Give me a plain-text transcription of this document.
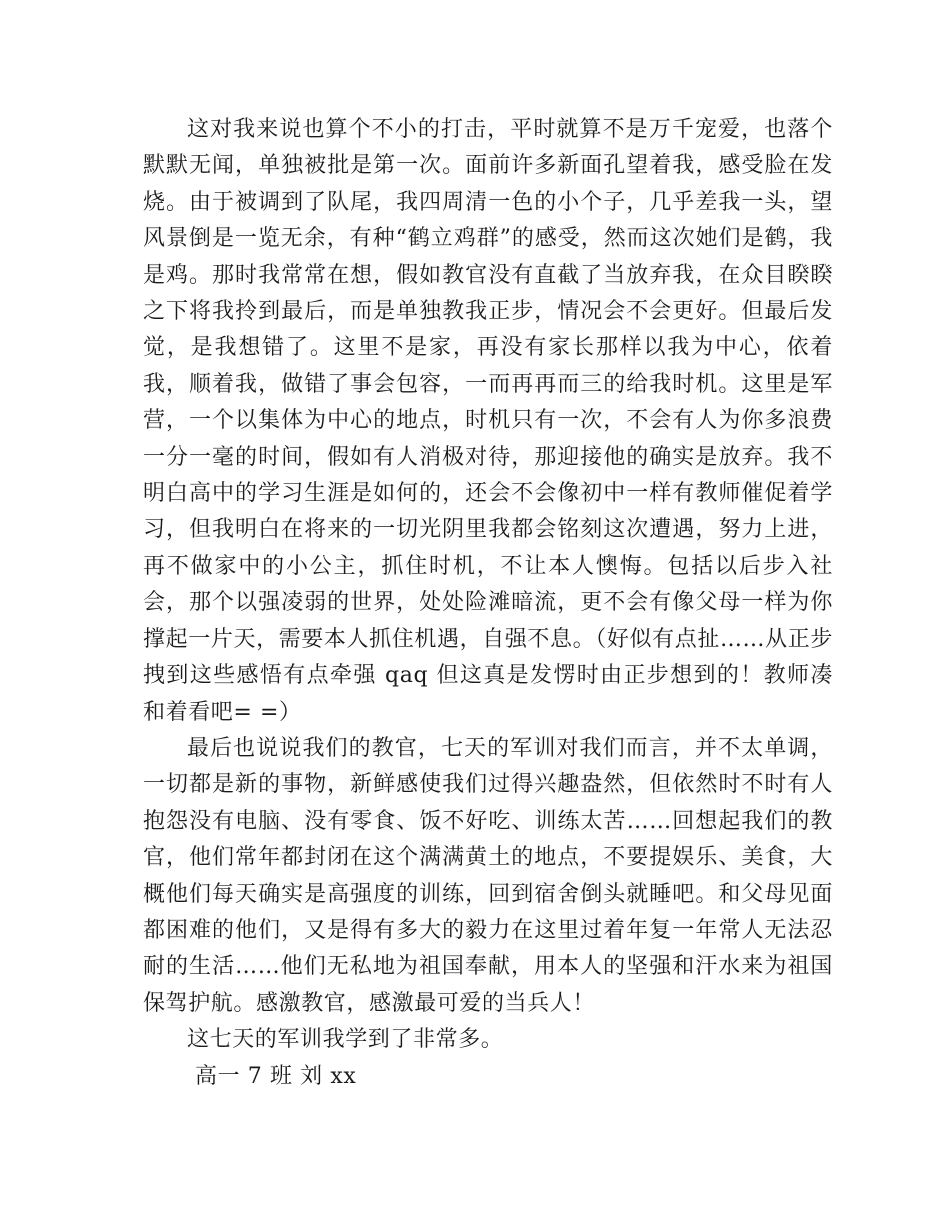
这对我来说也算个不小的打击，平时就算不是万千宠爱，也落个默默无闻，单独被批是第一次。面前许多新面孔望着我，感受脸在发烧。由于被调到了队尾，我四周清一色的小个子，几乎差我一头，望风景倒是一览无余，有种“鹤立鸡群”的感受，然而这次她们是鹤，我是鸡。那时我常常在想，假如教官没有直截了当放弃我，在众目睽睽之下将我拎到最后，而是单独教我正步，情况会不会更好。但最后发觉，是我想错了。这里不是家，再没有家长那样以我为中心，依着我，顺着我，做错了事会包容，一而再再而三的给我时机。这里是军营，一个以集体为中心的地点，时机只有一次，不会有人为你多浪费一分一毫的时间，假如有人消极对待，那迎接他的确实是放弃。我不明白高中的学习生涯是如何的，还会不会像初中一样有教师催促着学习，但我明白在将来的一切光阴里我都会铭刻这次遭遇，努力上进，再不做家中的小公主，抓住时机，不让本人懊悔。包括以后步入社会，那个以强凌弱的世界，处处险滩暗流，更不会有像父母一样为你撑起一片天，需要本人抓住机遇，自强不息。（好似有点扯……从正步拽到这些感悟有点牵强 qaq 但这真是发愣时由正步想到的！教师凑和着看吧= =）

最后也说说我们的教官，七天的军训对我们而言，并不太单调，一切都是新的事物，新鲜感使我们过得兴趣盎然，但依然时不时有人抱怨没有电脑、没有零食、饭不好吃、训练太苦……回想起我们的教官，他们常年都封闭在这个满满黄土的地点，不要提娱乐、美食，大概他们每天确实是高强度的训练，回到宿舍倒头就睡吧。和父母见面都困难的他们，又是得有多大的毅力在这里过着年复一年常人无法忍耐的生活……他们无私地为祖国奉献，用本人的坚强和汗水来为祖国保驾护航。感激教官，感激最可爱的当兵人！

这七天的军训我学到了非常多。

高一 7 班 刘 xx
